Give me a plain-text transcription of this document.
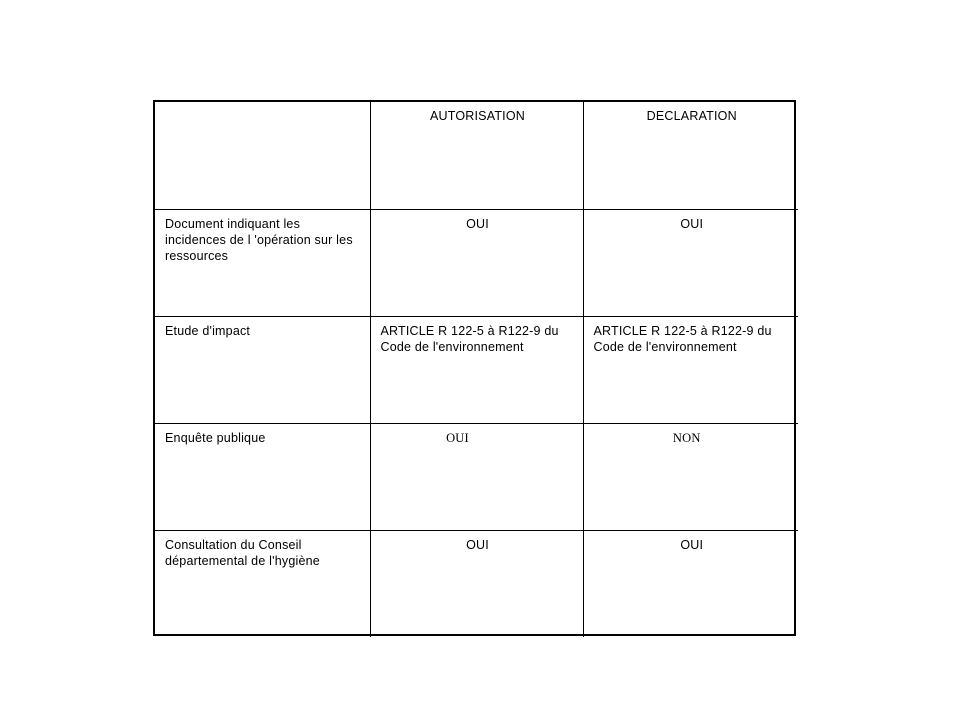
	AUTORISATION	DECLARATION
Document indiquant les incidences de l 'opération sur les ressources	OUI	OUI
Etude d'impact	ARTICLE R 122-5 à R122-9 du Code de l'environnement	ARTICLE R 122-5 à R122-9 du Code de l'environnement
Enquête publique	OUI	NON
Consultation du Conseil départemental de l'hygiène	OUI	OUI
